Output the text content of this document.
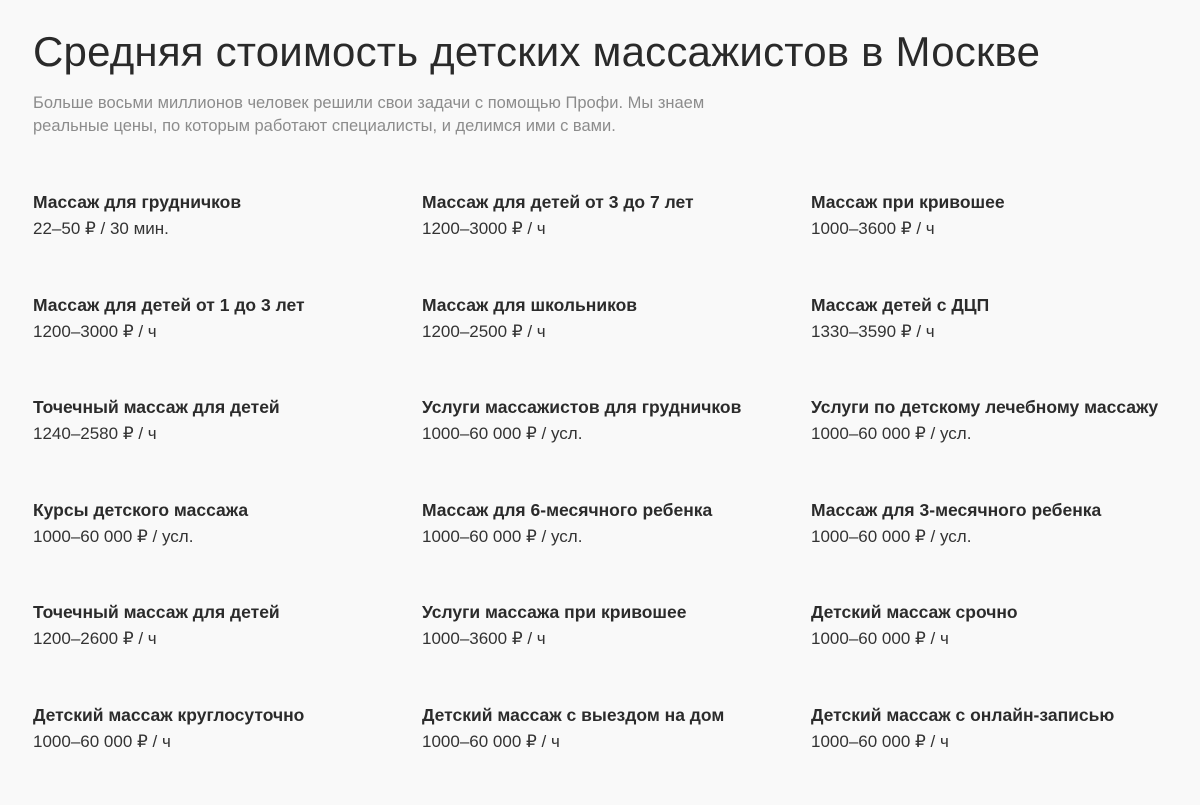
Средняя стоимость детских массажистов в Москве

Больше восьми миллионов человек решили свои задачи с помощью Профи. Мы знаем реальные цены, по которым работают специалисты, и делимся ими с вами.

Массаж для грудничков
22–50 ₽ / 30 мин.
Массаж для детей от 3 до 7 лет
1200–3000 ₽ / ч
Массаж при кривошее
1000–3600 ₽ / ч
Массаж для детей от 1 до 3 лет
1200–3000 ₽ / ч
Массаж для школьников
1200–2500 ₽ / ч
Массаж детей с ДЦП
1330–3590 ₽ / ч
Точечный массаж для детей
1240–2580 ₽ / ч
Услуги массажистов для грудничков
1000–60 000 ₽ / усл.
Услуги по детскому лечебному массажу
1000–60 000 ₽ / усл.
Курсы детского массажа
1000–60 000 ₽ / усл.
Массаж для 6-месячного ребенка
1000–60 000 ₽ / усл.
Массаж для 3-месячного ребенка
1000–60 000 ₽ / усл.
Точечный массаж для детей
1200–2600 ₽ / ч
Услуги массажа при кривошее
1000–3600 ₽ / ч
Детский массаж срочно
1000–60 000 ₽ / ч
Детский массаж круглосуточно
1000–60 000 ₽ / ч
Детский массаж с выездом на дом
1000–60 000 ₽ / ч
Детский массаж с онлайн-записью
1000–60 000 ₽ / ч
